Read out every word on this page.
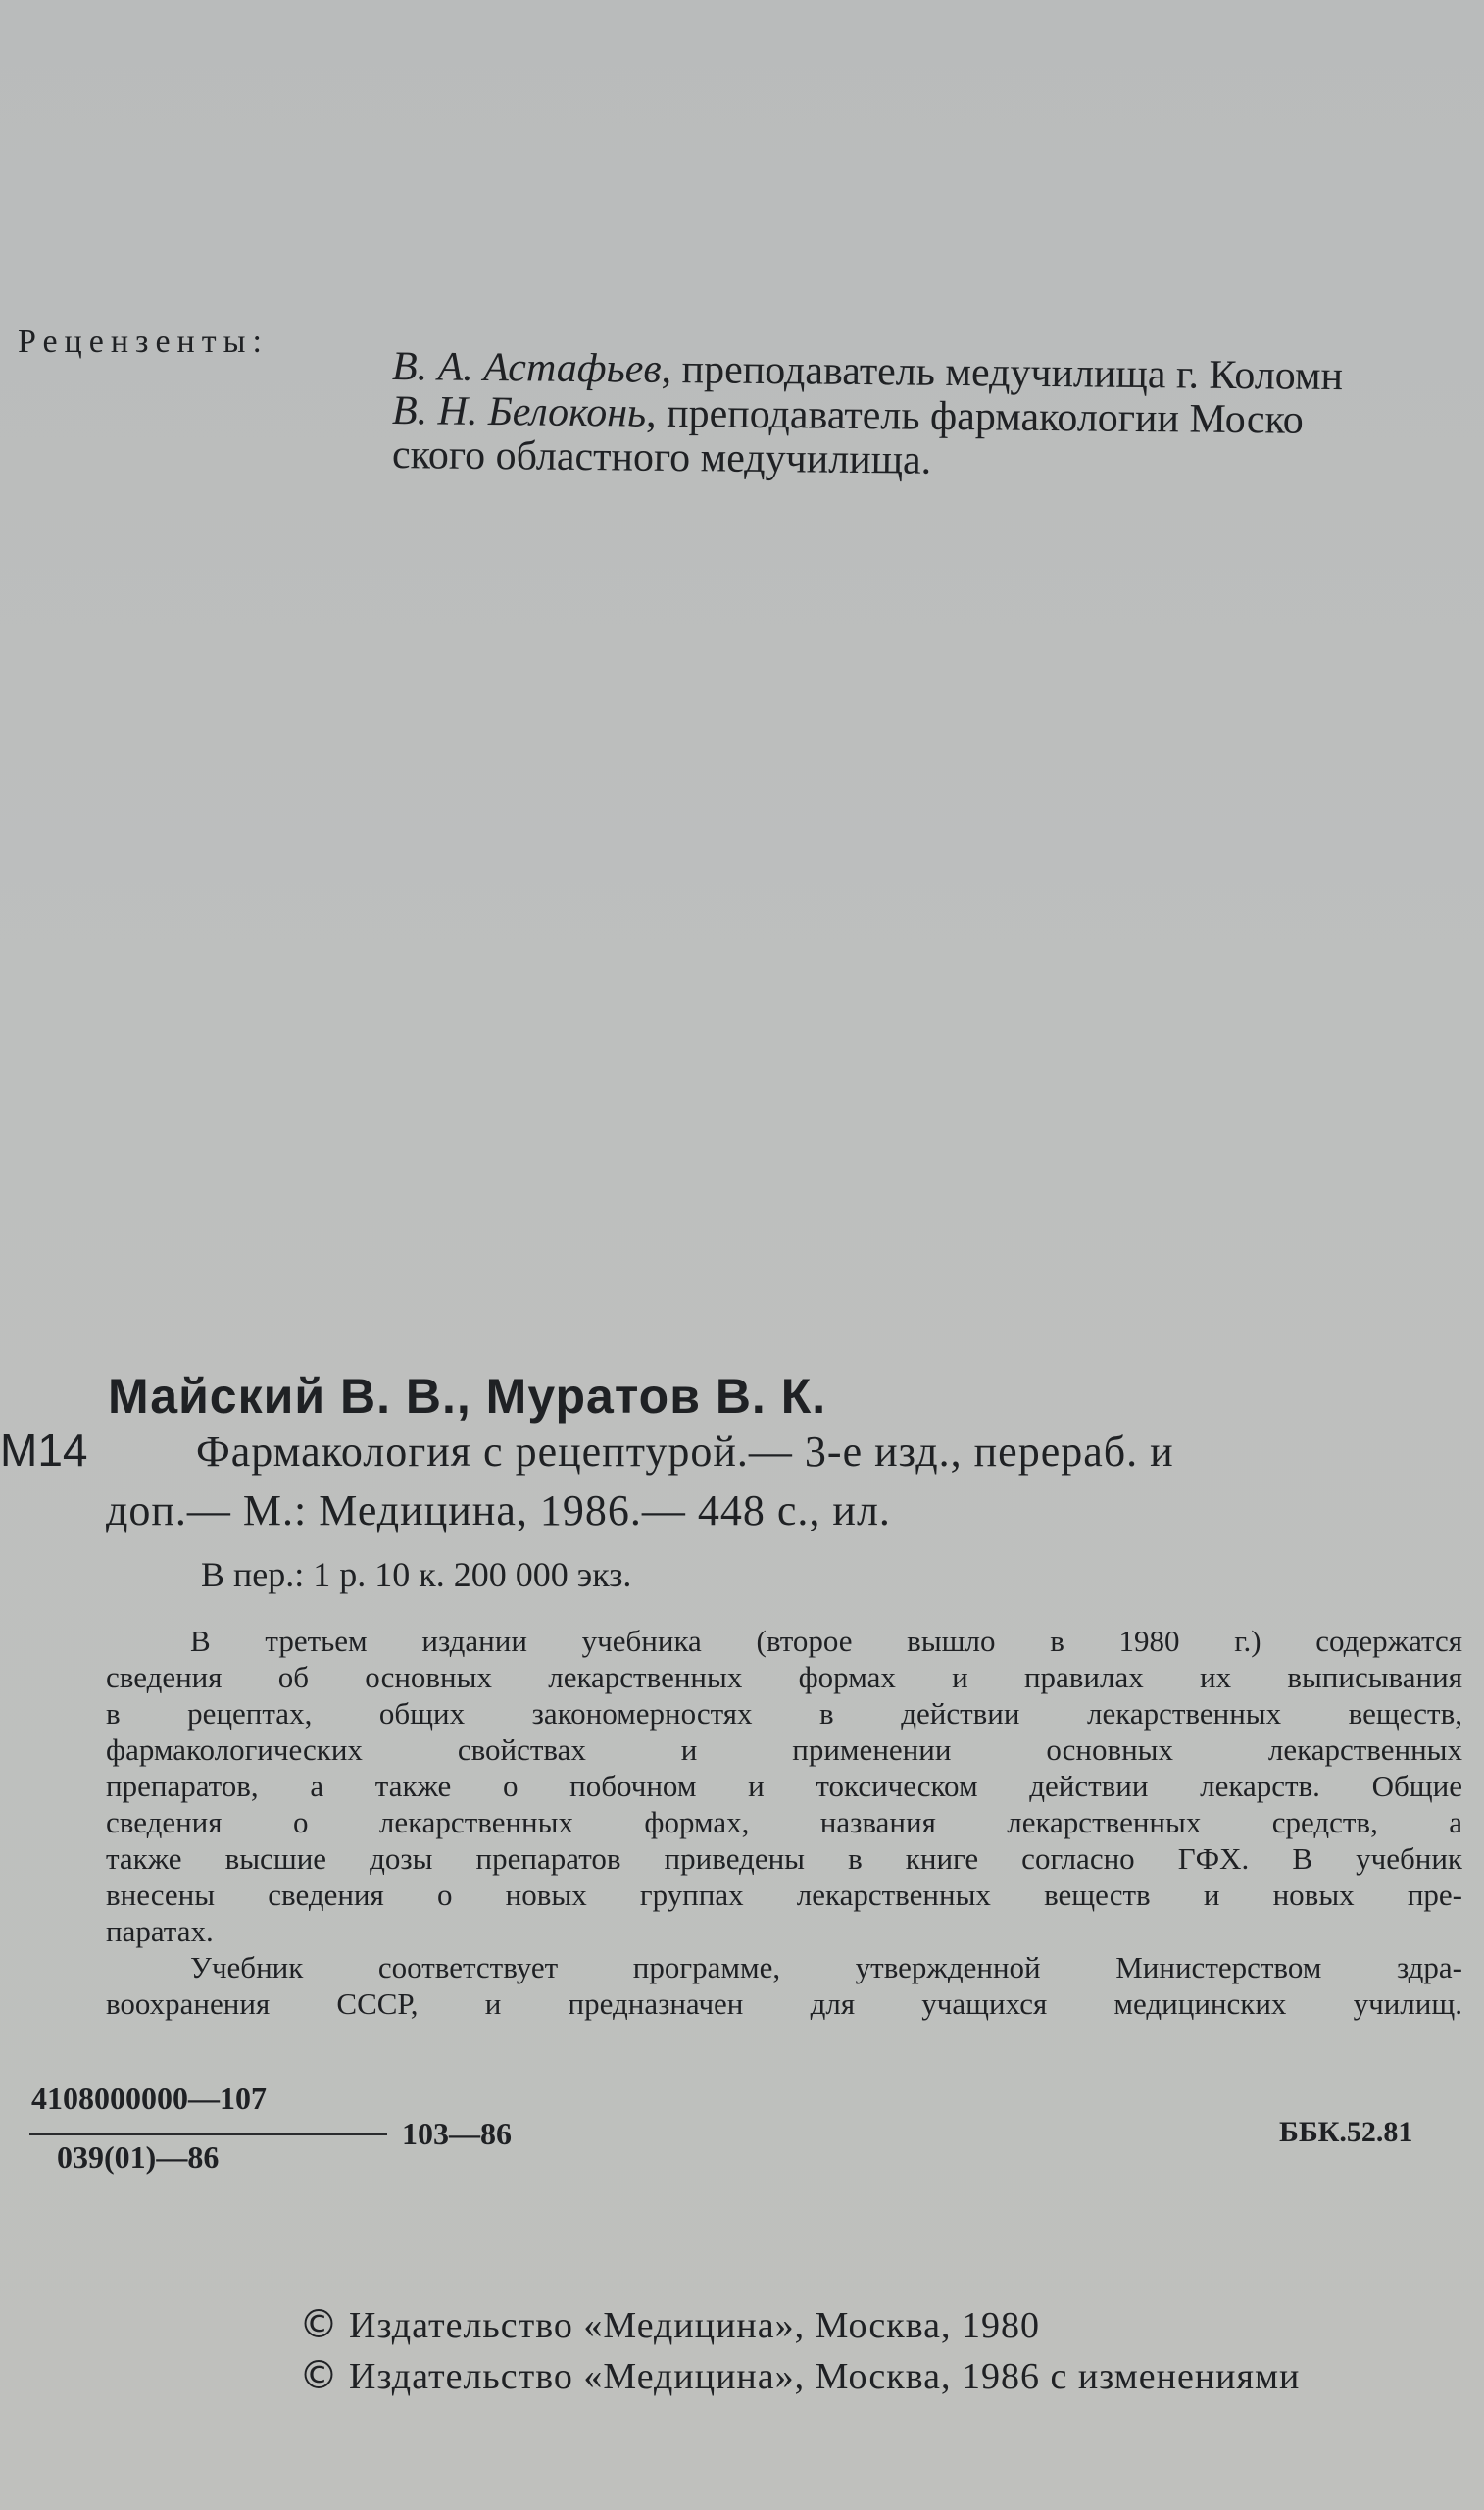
Рецензенты:
В. А. Астафьев, преподаватель медучилища г. Коломн
В. Н. Белоконь, преподаватель фармакологии Моско
ского областного медучилища.
Майский В. В., Муратов В. К.
М14	Фармакология с рецептурой.— 3-е изд., перераб. и
доп.— М.: Медицина, 1986.— 448 с., ил.
В пер.: 1 р. 10 к. 200 000 экз.
В третьем издании учебника (второе вышло в 1980 г.) содержатся
сведения об основных лекарственных формах и правилах их выписывания
в рецептах, общих закономерностях в действии лекарственных веществ,
фармакологических свойствах и применении основных лекарственных
препаратов, а также о побочном и токсическом действии лекарств. Общие
сведения о лекарственных формах, названия лекарственных средств, а
также высшие дозы препаратов приведены в книге согласно ГФХ. В учебник
внесены сведения о новых группах лекарственных веществ и новых пре-
паратах.
Учебник соответствует программе, утвержденной Министерством здра-
воохранения СССР, и предназначен для учащихся медицинских училищ.
4108000000—107
103—86
039(01)—86
ББК.52.81
© Издательство «Медицина», Москва, 1980
© Издательство «Медицина», Москва, 1986 с изменениями
